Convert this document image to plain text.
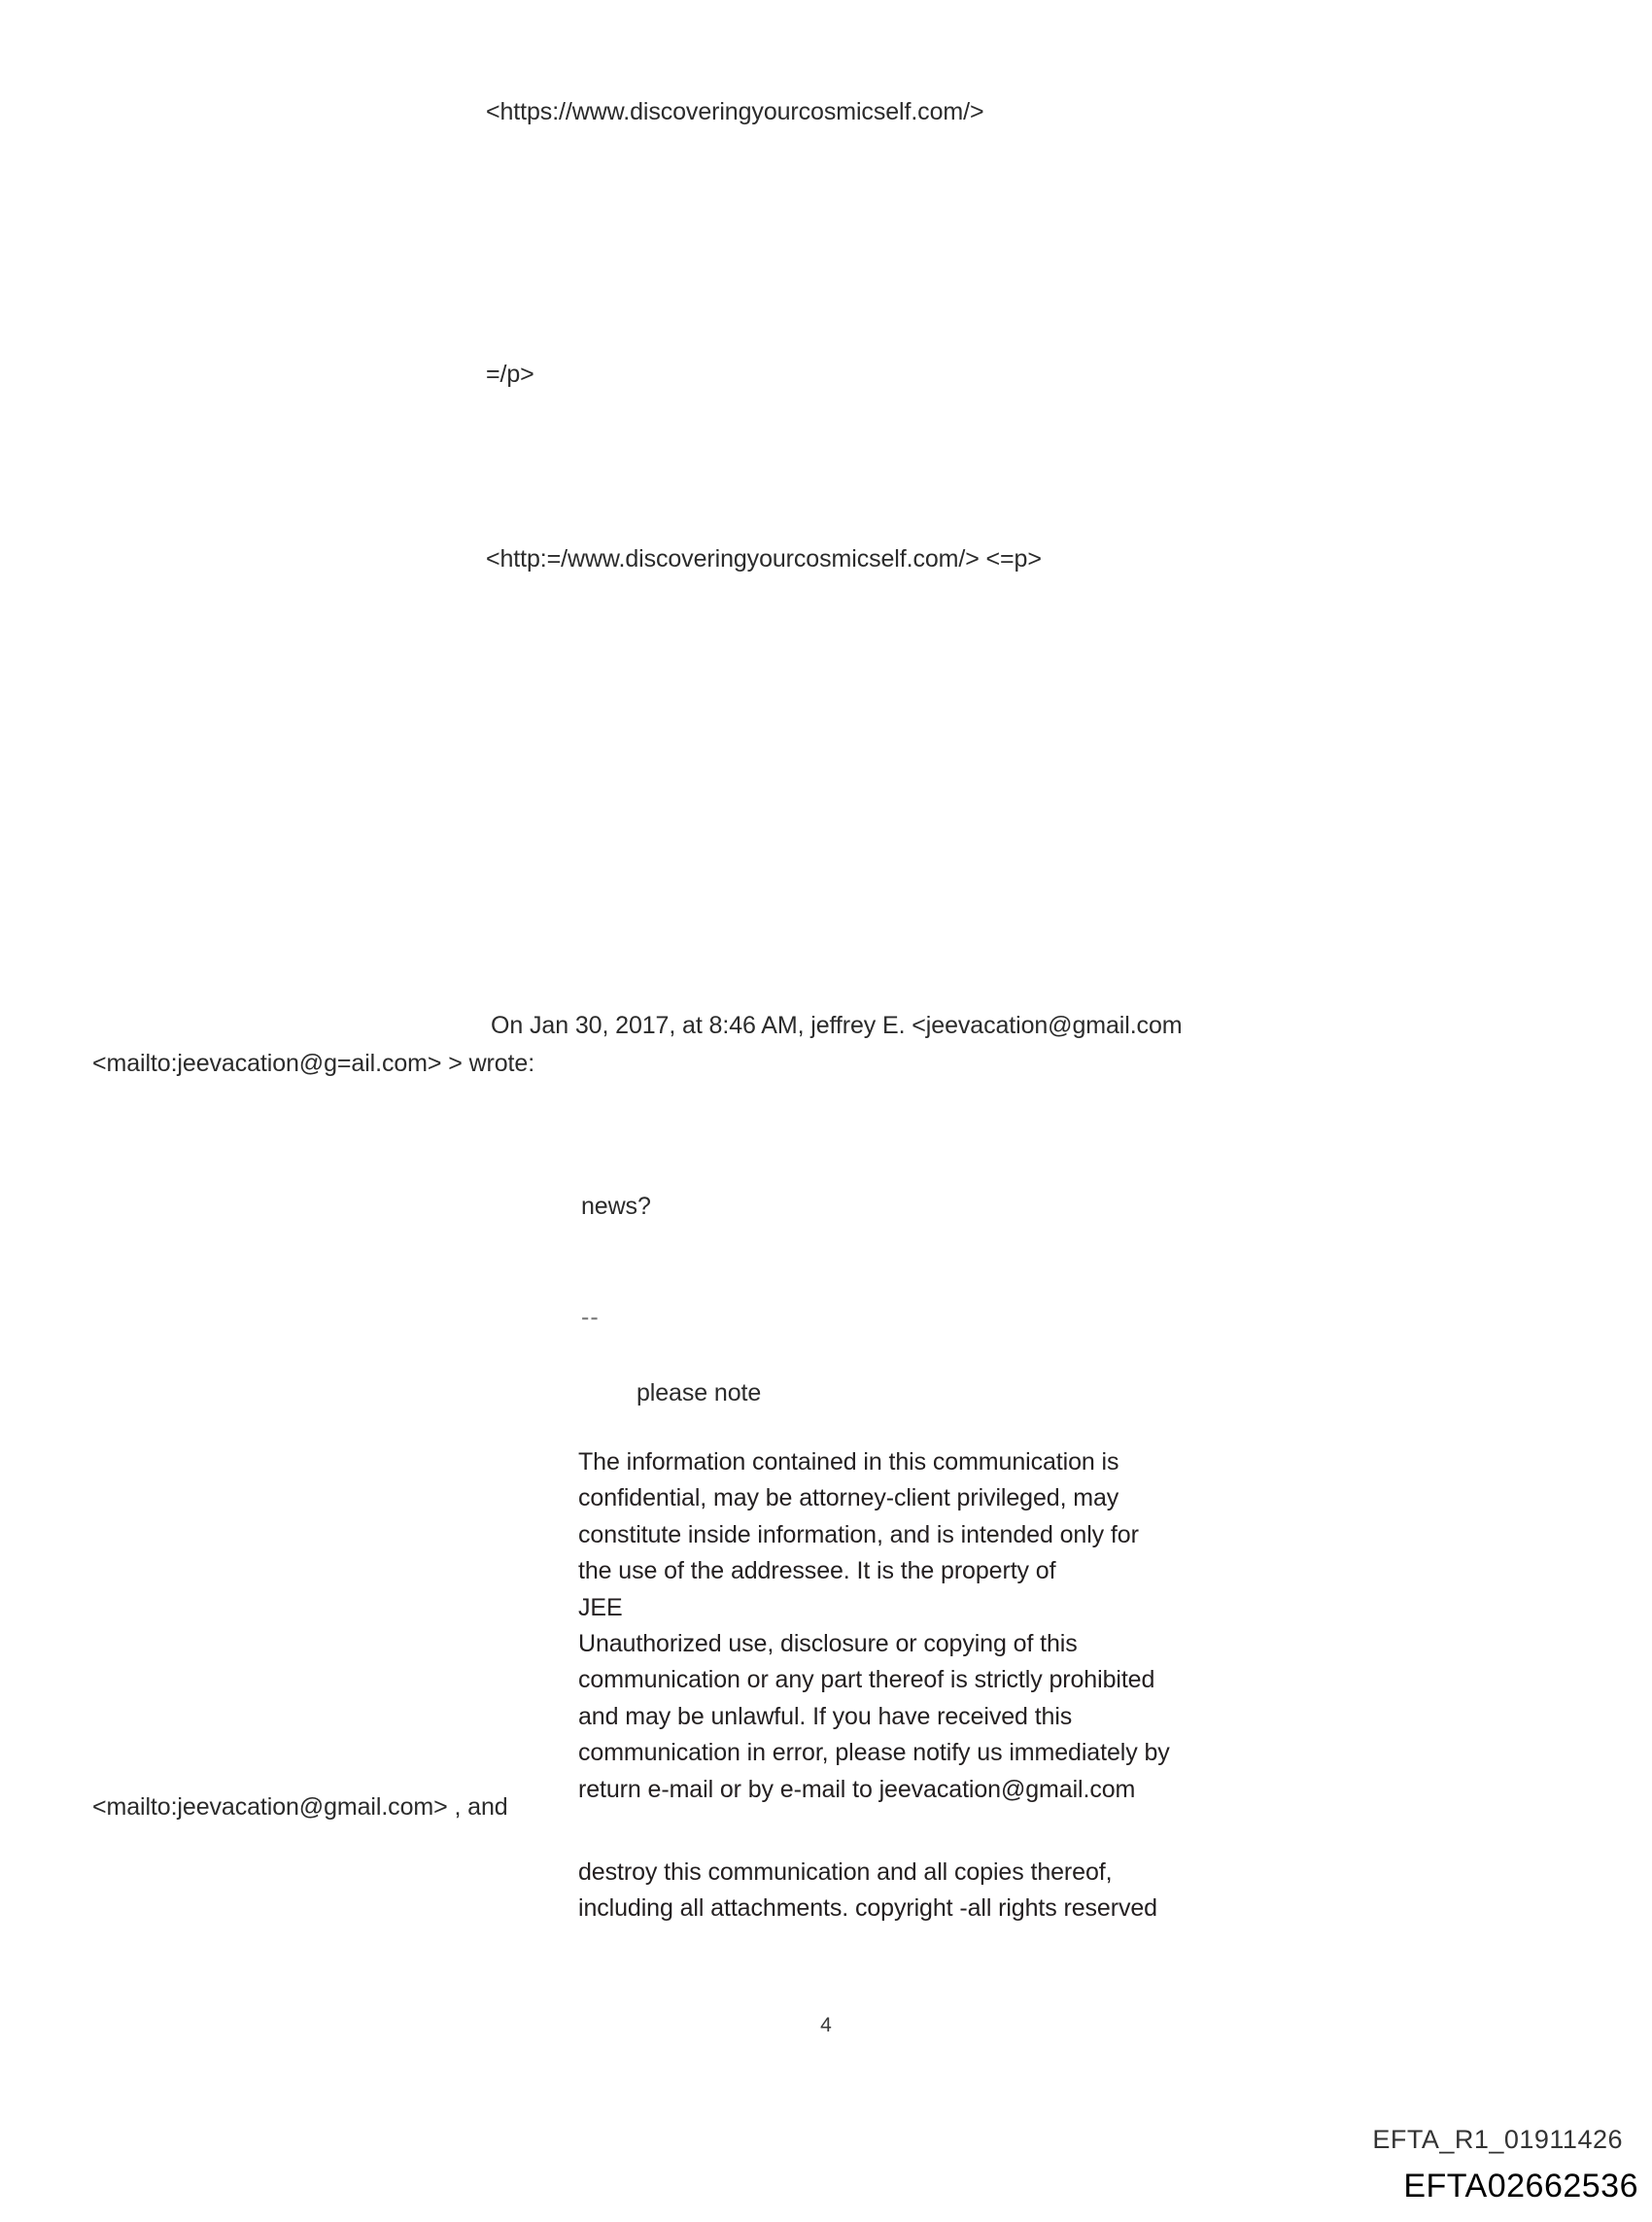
<https://www.discoveringyourcosmicself.com/>
=/p>
<http:=/www.discoveringyourcosmicself.com/> <=p>
On Jan 30, 2017, at 8:46 AM, jeffrey E. <jeevacation@gmail.com
<mailto:jeevacation@g=ail.com> > wrote:
news?
--
please note
The information contained in this communication is
confidential, may be attorney-client privileged, may
constitute inside information, and is intended only for
the use of the addressee. It is the property of
JEE
Unauthorized use, disclosure or copying of this
communication or any part thereof is strictly prohibited
and may be unlawful. If you have received this
communication in error, please notify us immediately by
return e-mail or by e-mail to jeevacation@gmail.com
<mailto:jeevacation@gmail.com> , and
destroy this communication and all copies thereof,
including all attachments. copyright -all rights reserved
4
EFTA_R1_01911426
EFTA02662536
